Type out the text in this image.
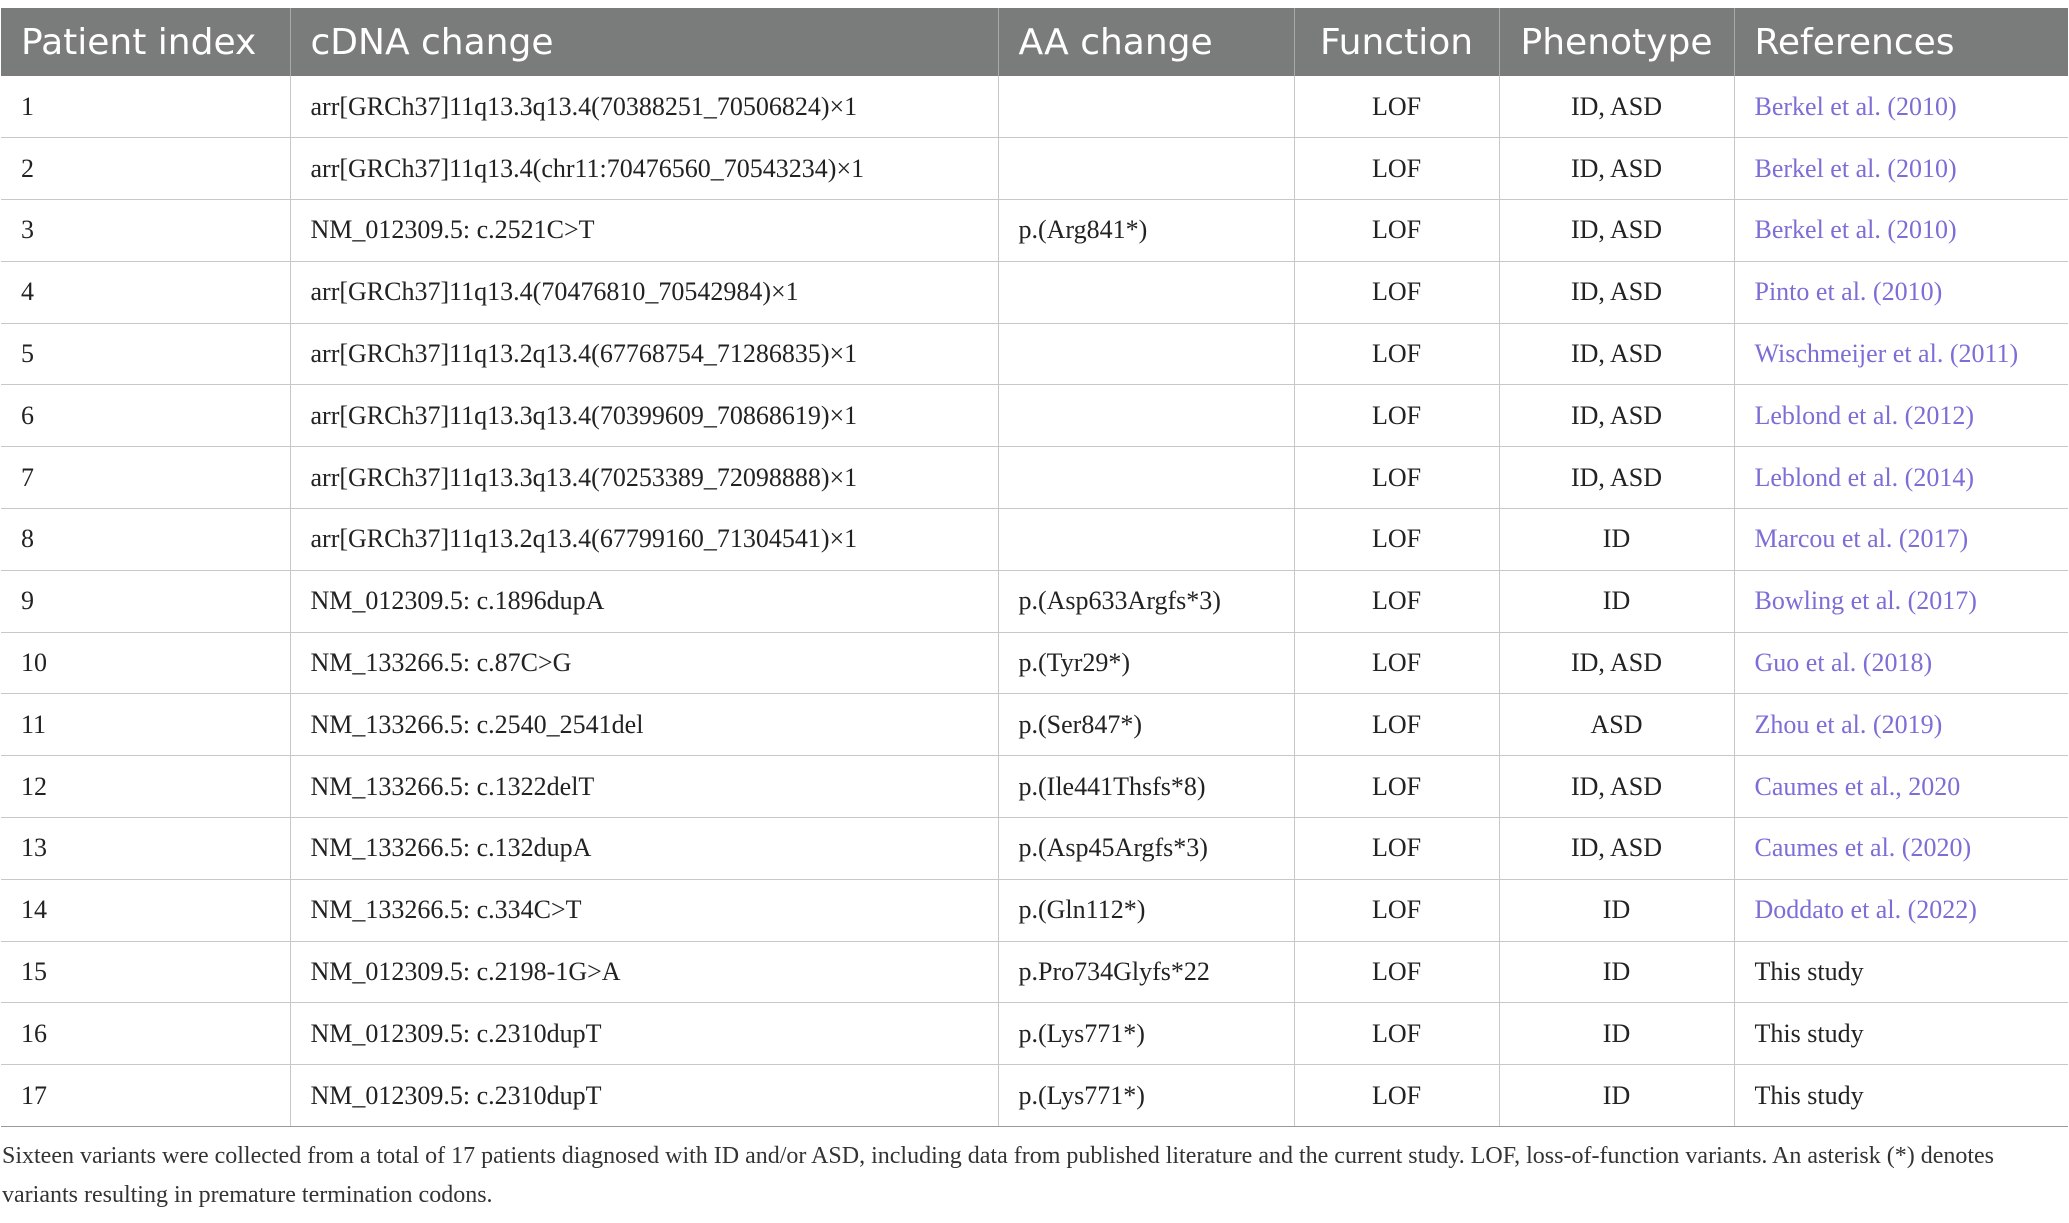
Patient index	cDNA change	AA change	Function	Phenotype	References
1	arr[GRCh37]11q13.3q13.4(70388251_70506824)×1		LOF	ID, ASD	Berkel et al. (2010)
2	arr[GRCh37]11q13.4(chr11:70476560_70543234)×1		LOF	ID, ASD	Berkel et al. (2010)
3	NM_012309.5: c.2521C>T	p.(Arg841*)	LOF	ID, ASD	Berkel et al. (2010)
4	arr[GRCh37]11q13.4(70476810_70542984)×1		LOF	ID, ASD	Pinto et al. (2010)
5	arr[GRCh37]11q13.2q13.4(67768754_71286835)×1		LOF	ID, ASD	Wischmeijer et al. (2011)
6	arr[GRCh37]11q13.3q13.4(70399609_70868619)×1		LOF	ID, ASD	Leblond et al. (2012)
7	arr[GRCh37]11q13.3q13.4(70253389_72098888)×1		LOF	ID, ASD	Leblond et al. (2014)
8	arr[GRCh37]11q13.2q13.4(67799160_71304541)×1		LOF	ID	Marcou et al. (2017)
9	NM_012309.5: c.1896dupA	p.(Asp633Argfs*3)	LOF	ID	Bowling et al. (2017)
10	NM_133266.5: c.87C>G	p.(Tyr29*)	LOF	ID, ASD	Guo et al. (2018)
11	NM_133266.5: c.2540_2541del	p.(Ser847*)	LOF	ASD	Zhou et al. (2019)
12	NM_133266.5: c.1322delT	p.(Ile441Thsfs*8)	LOF	ID, ASD	Caumes et al., 2020
13	NM_133266.5: c.132dupA	p.(Asp45Argfs*3)	LOF	ID, ASD	Caumes et al. (2020)
14	NM_133266.5: c.334C>T	p.(Gln112*)	LOF	ID	Doddato et al. (2022)
15	NM_012309.5: c.2198-1G>A	p.Pro734Glyfs*22	LOF	ID	This study
16	NM_012309.5: c.2310dupT	p.(Lys771*)	LOF	ID	This study
17	NM_012309.5: c.2310dupT	p.(Lys771*)	LOF	ID	This study
Sixteen variants were collected from a total of 17 patients diagnosed with ID and/or ASD, including data from published literature and the current study. LOF, loss-of-function variants. An asterisk (*) denotes variants resulting in premature termination codons.
